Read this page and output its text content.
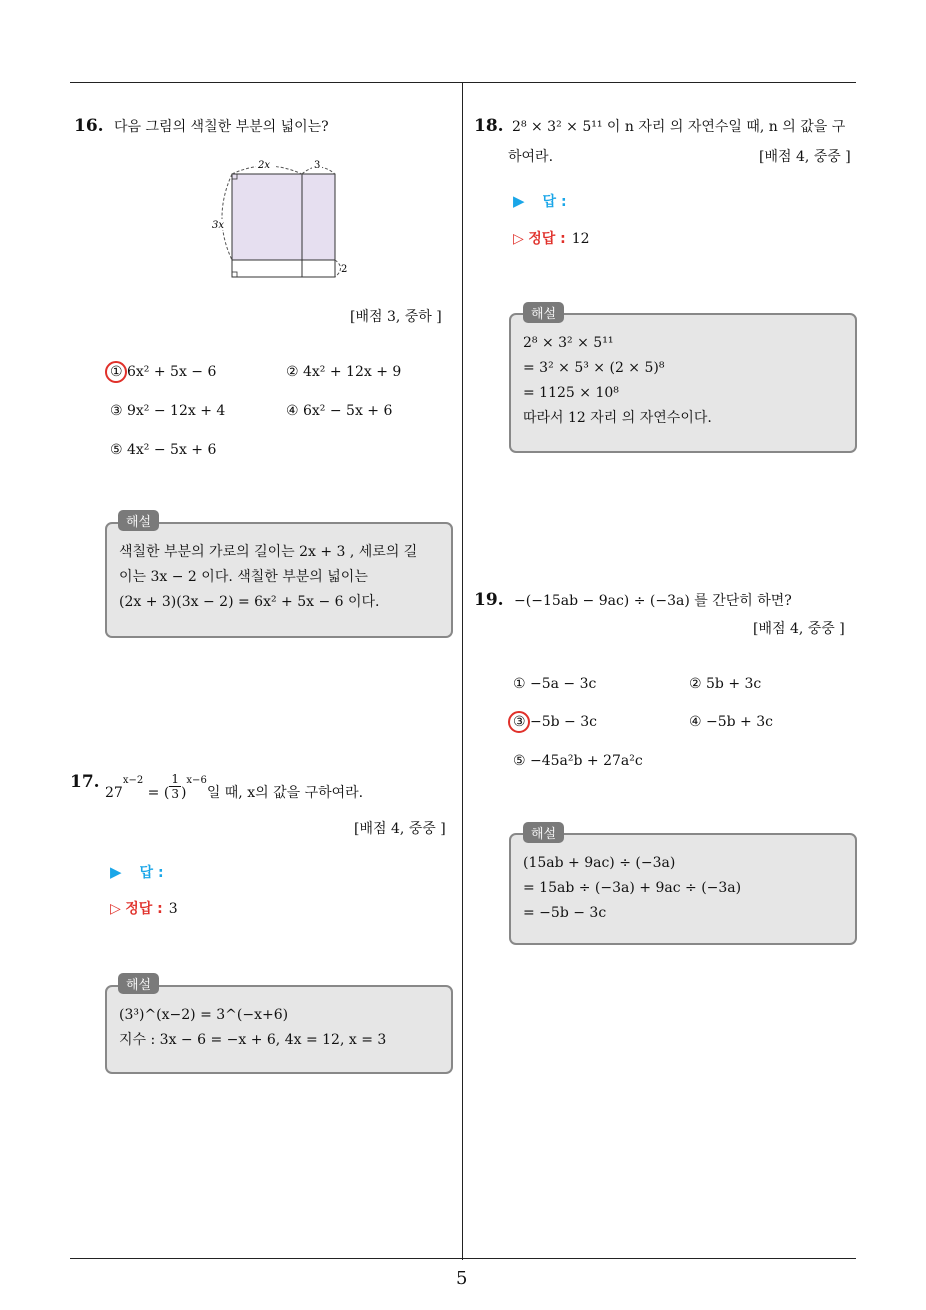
5
16. 다음 그림의 색칠한 부분의 넓이는?
2x	3
3x
2
[배점 3, 중하 ]
① 6x² + 5x − 6	② 4x² + 12x + 9
③ 9x² − 12x + 4	④ 6x² − 5x + 6
⑤ 4x² − 5x + 6
색칠한 부분의 가로의 길이는 2x + 3 , 세로의 길
이는 3x − 2 이다. 색칠한 부분의 넓이는
(2x + 3)(3x − 2) = 6x² + 5x − 6 이다.
해설
17.
$27^{x-2}$ = ( $\frac{1}{3} )^{x-6}$일 때, x의 값을 구하여라.
[배점 4, 중중 ]
▶ 답 :
▷ 정답 : 3
(3³)^(x−2) = 3^(−x+6)
지수 : 3x − 6 = −x + 6, 4x = 12, x = 3
해설
18. 2⁸ × 3² × 5¹¹ 이 n 자리 의 자연수일 때, n 의 값을 구
하여라.	[배점 4, 중중 ]
▶ 답 :
▷ 정답 : 12
2⁸ × 3² × 5¹¹
= 3² × 5³ × (2 × 5)⁸
= 1125 × 10⁸
따라서 12 자리 의 자연수이다.
해설
19. −(−15ab − 9ac) ÷ (−3a) 를 간단히 하면?
[배점 4, 중중 ]
① −5a − 3c	② 5b + 3c
③ −5b − 3c	④ −5b + 3c
⑤ −45a²b + 27a²c
(15ab + 9ac) ÷ (−3a)
= 15ab ÷ (−3a) + 9ac ÷ (−3a)
= −5b − 3c
해설
